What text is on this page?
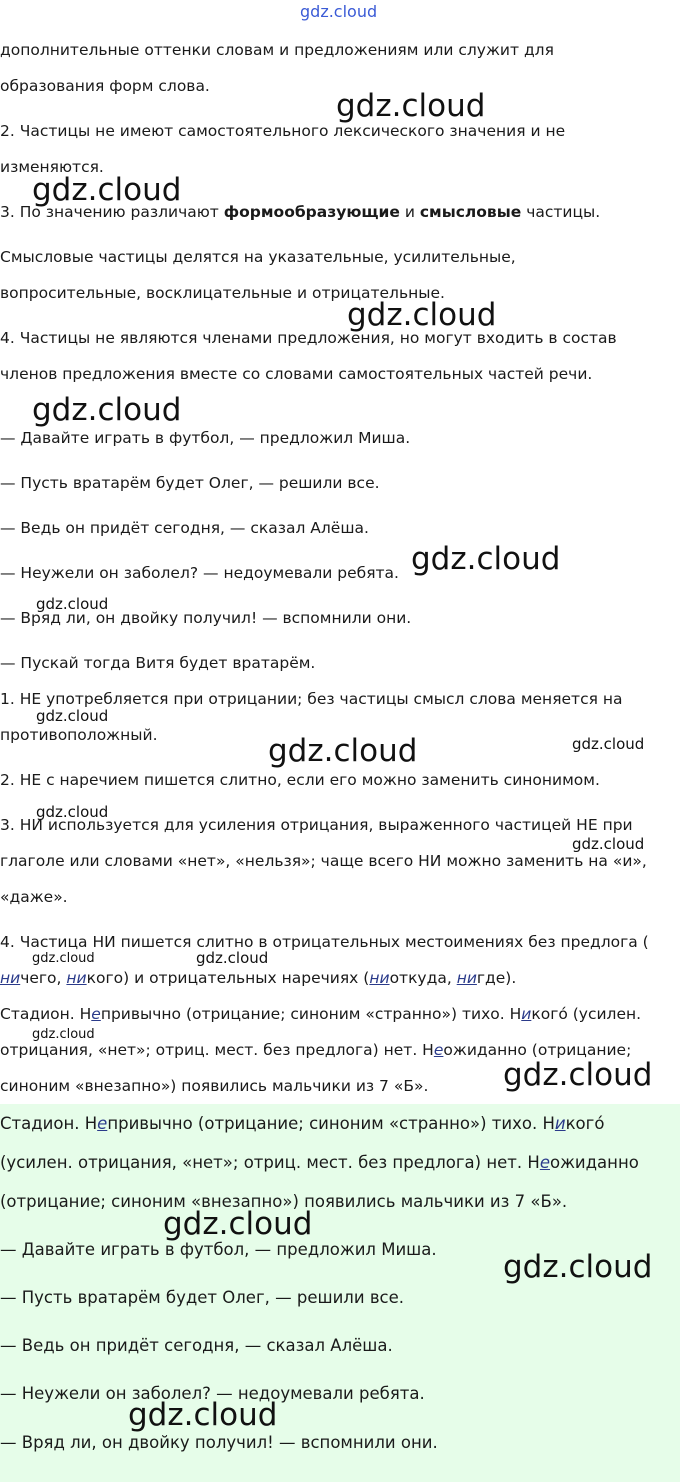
дополнительные оттенки словам и предложениям или служит для
образования форм слова.
2. Частицы не имеют самостоятельного лексического значения и не
изменяются.
3. По значению различают формообразующие и смысловые частицы.
Смысловые частицы делятся на указательные, усилительные,
вопросительные, восклицательные и отрицательные.
4. Частицы не являются членами предложения, но могут входить в состав
членов предложения вместе со словами самостоятельных частей речи.
— Давайте играть в футбол, — предложил Миша.
— Пусть вратарём будет Олег, — решили все.
— Ведь он придёт сегодня, — сказал Алёша.
— Неужели он заболел? — недоумевали ребята.
— Вряд ли, он двойку получил! — вспомнили они.
— Пускай тогда Витя будет вратарём.
1. НЕ употребляется при отрицании; без частицы смысл слова меняется на
противоположный.
2. НЕ с наречием пишется слитно, если его можно заменить синонимом.
3. НИ используется для усиления отрицания, выраженного частицей НЕ при
глаголе или словами «нет», «нельзя»; чаще всего НИ можно заменить на «и»,
«даже».
4. Частица НИ пишется слитно в отрицательных местоимениях без предлога (
ничего, никого) и отрицательных наречиях (ниоткуда, нигде).
Стадион. Непривычно (отрицание; синоним «странно») тихо. Никого́ (усилен.
отрицания, «нет»; отриц. мест. без предлога) нет. Неожиданно (отрицание;
синоним «внезапно») появились мальчики из 7 «Б».
Стадион. Непривычно (отрицание; синоним «странно») тихо. Никого́
(усилен. отрицания, «нет»; отриц. мест. без предлога) нет. Неожиданно
(отрицание; синоним «внезапно») появились мальчики из 7 «Б».
— Давайте играть в футбол, — предложил Миша.
— Пусть вратарём будет Олег, — решили все.
— Ведь он придёт сегодня, — сказал Алёша.
— Неужели он заболел? — недоумевали ребята.
— Вряд ли, он двойку получил! — вспомнили они.
gdz.cloud
gdz.cloud
gdz.cloud
gdz.cloud
gdz.cloud
gdz.cloud
gdz.cloud
gdz.cloud
gdz.cloud	gdz.cloud
gdz.cloud
gdz.cloud
gdz.cloud
gdz.cloud
gdz.cloud
gdz.cloud
gdz.cloud
gdz.cloud
gdz.cloud
